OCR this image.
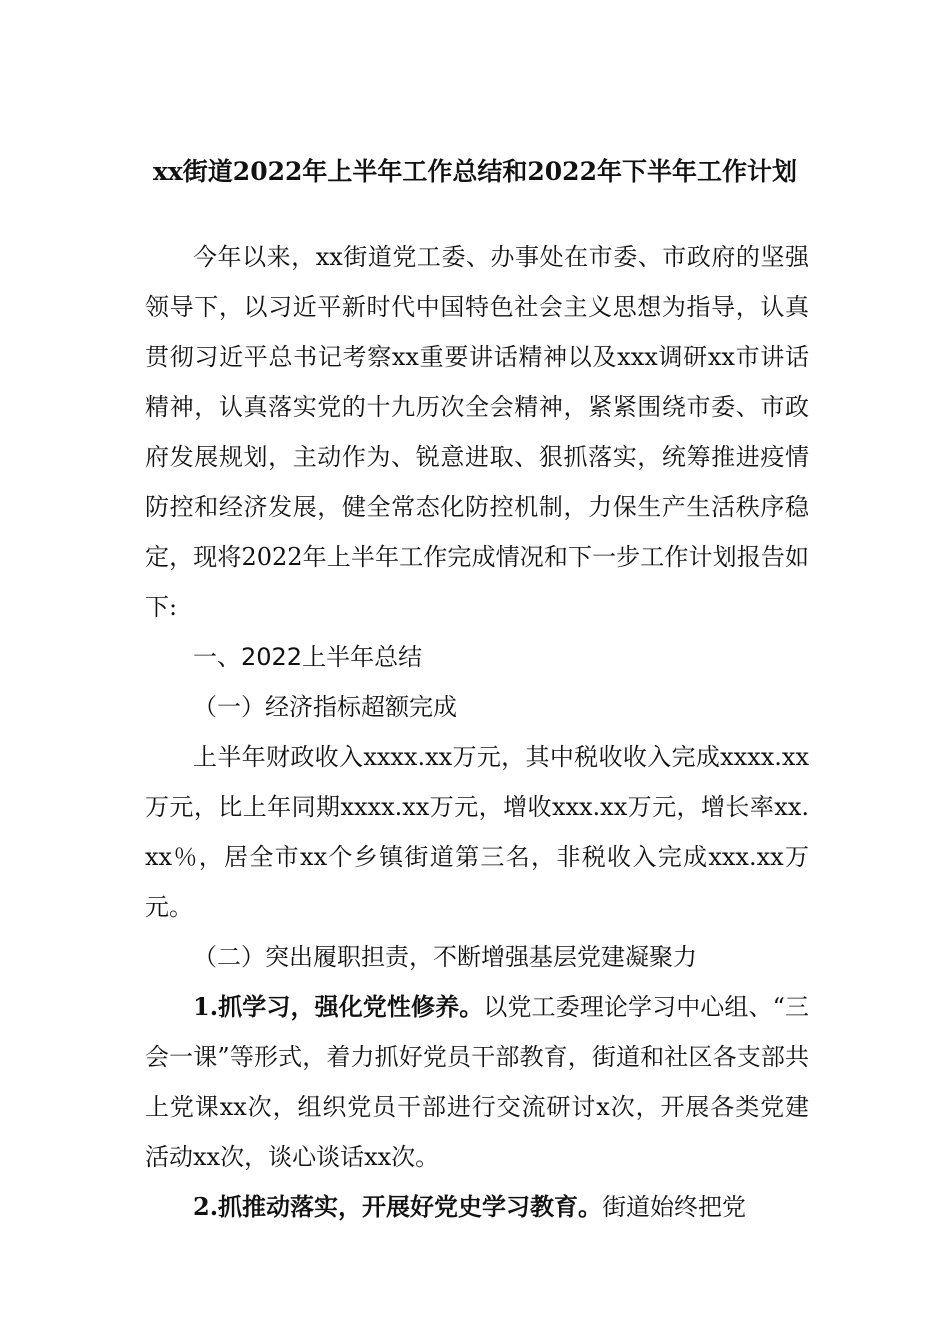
xx街道2022年上半年工作总结和2022年下半年工作计划

今年以来，xx街道党工委、办事处在市委、市政府的坚强领导下，以习近平新时代中国特色社会主义思想为指导，认真贯彻习近平总书记考察xx重要讲话精神以及xxx调研xx市讲话精神，认真落实党的十九历次全会精神，紧紧围绕市委、市政府发展规划，主动作为、锐意进取、狠抓落实，统筹推进疫情防控和经济发展，健全常态化防控机制，力保生产生活秩序稳定，现将2022年上半年工作完成情况和下一步工作计划报告如下:

一、2022上半年总结

（一）经济指标超额完成

上半年财政收入xxxx.xx万元，其中税收收入完成xxxx.xx万元，比上年同期xxxx.xx万元，增收xxx.xx万元，增长率xx.xx％，居全市xx个乡镇街道第三名，非税收入完成xxx.xx万元。

（二）突出履职担责，不断增强基层党建凝聚力

1.抓学习，强化党性修养。以党工委理论学习中心组、“三会一课”等形式，着力抓好党员干部教育，街道和社区各支部共上党课xx次，组织党员干部进行交流研讨x次，开展各类党建活动xx次，谈心谈话xx次。

2.抓推动落实，开展好党史学习教育。街道始终把党
